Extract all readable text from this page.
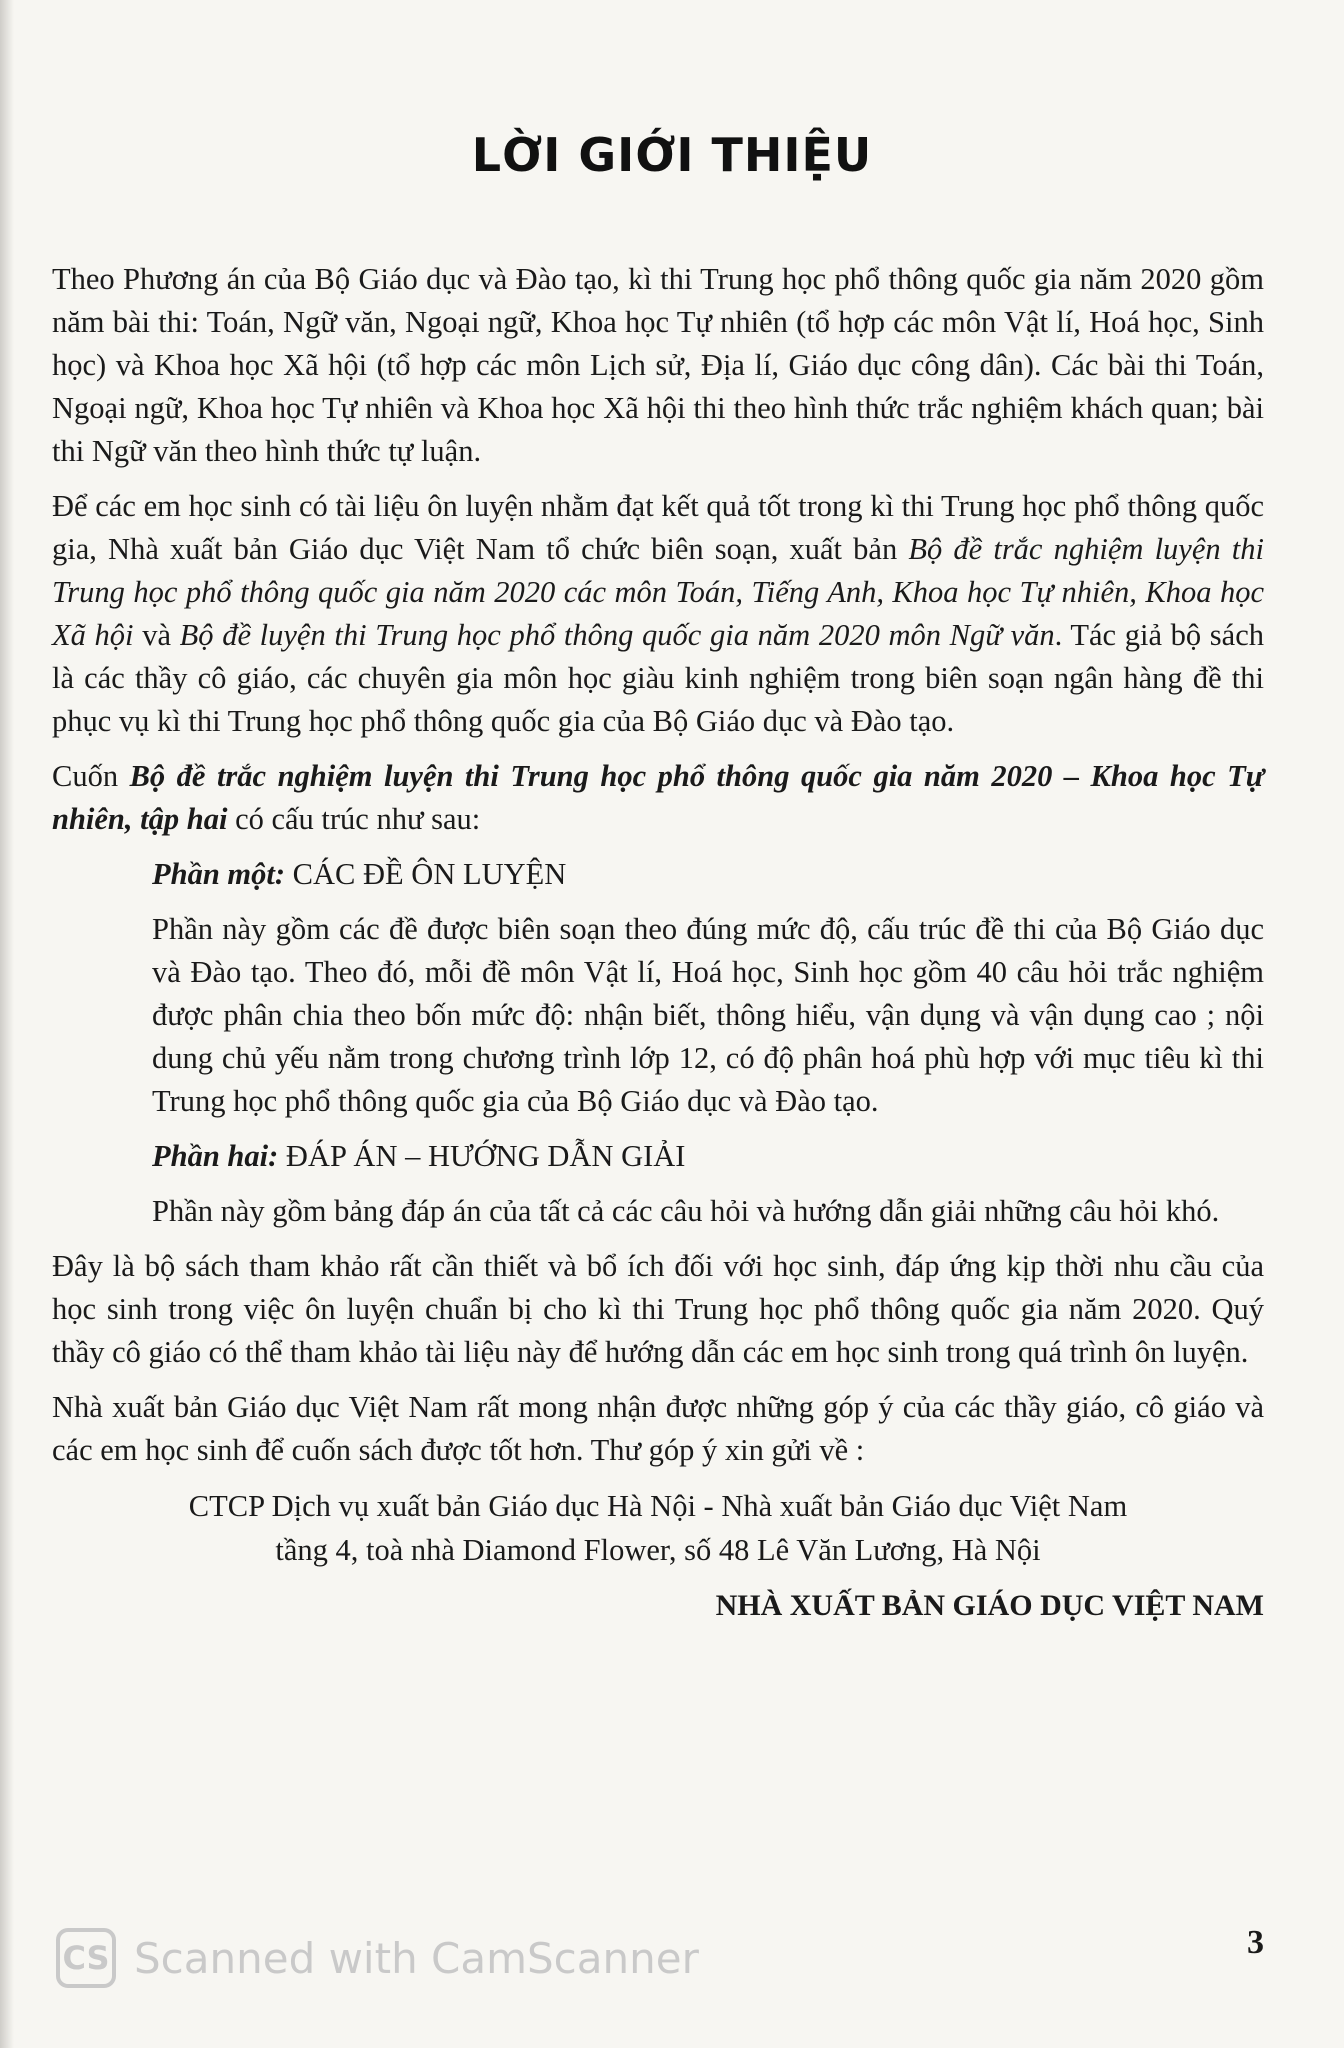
LỜI GIỚI THIỆU

Theo Phương án của Bộ Giáo dục và Đào tạo, kì thi Trung học phổ thông quốc gia năm 2020 gồm năm bài thi: Toán, Ngữ văn, Ngoại ngữ, Khoa học Tự nhiên (tổ hợp các môn Vật lí, Hoá học, Sinh học) và Khoa học Xã hội (tổ hợp các môn Lịch sử, Địa lí, Giáo dục công dân). Các bài thi Toán, Ngoại ngữ, Khoa học Tự nhiên và Khoa học Xã hội thi theo hình thức trắc nghiệm khách quan; bài thi Ngữ văn theo hình thức tự luận.

Để các em học sinh có tài liệu ôn luyện nhằm đạt kết quả tốt trong kì thi Trung học phổ thông quốc gia, Nhà xuất bản Giáo dục Việt Nam tổ chức biên soạn, xuất bản Bộ đề trắc nghiệm luyện thi Trung học phổ thông quốc gia năm 2020 các môn Toán, Tiếng Anh, Khoa học Tự nhiên, Khoa học Xã hội và Bộ đề luyện thi Trung học phổ thông quốc gia năm 2020 môn Ngữ văn. Tác giả bộ sách là các thầy cô giáo, các chuyên gia môn học giàu kinh nghiệm trong biên soạn ngân hàng đề thi phục vụ kì thi Trung học phổ thông quốc gia của Bộ Giáo dục và Đào tạo.

Cuốn Bộ đề trắc nghiệm luyện thi Trung học phổ thông quốc gia năm 2020 – Khoa học Tự nhiên, tập hai có cấu trúc như sau:

Phần một: CÁC ĐỀ ÔN LUYỆN

Phần này gồm các đề được biên soạn theo đúng mức độ, cấu trúc đề thi của Bộ Giáo dục và Đào tạo. Theo đó, mỗi đề môn Vật lí, Hoá học, Sinh học gồm 40 câu hỏi trắc nghiệm được phân chia theo bốn mức độ: nhận biết, thông hiểu, vận dụng và vận dụng cao ; nội dung chủ yếu nằm trong chương trình lớp 12, có độ phân hoá phù hợp với mục tiêu kì thi Trung học phổ thông quốc gia của Bộ Giáo dục và Đào tạo.

Phần hai: ĐÁP ÁN – HƯỚNG DẪN GIẢI

Phần này gồm bảng đáp án của tất cả các câu hỏi và hướng dẫn giải những câu hỏi khó.

Đây là bộ sách tham khảo rất cần thiết và bổ ích đối với học sinh, đáp ứng kịp thời nhu cầu của học sinh trong việc ôn luyện chuẩn bị cho kì thi Trung học phổ thông quốc gia năm 2020. Quý thầy cô giáo có thể tham khảo tài liệu này để hướng dẫn các em học sinh trong quá trình ôn luyện.

Nhà xuất bản Giáo dục Việt Nam rất mong nhận được những góp ý của các thầy giáo, cô giáo và các em học sinh để cuốn sách được tốt hơn. Thư góp ý xin gửi về :

CTCP Dịch vụ xuất bản Giáo dục Hà Nội - Nhà xuất bản Giáo dục Việt Nam
tầng 4, toà nhà Diamond Flower, số 48 Lê Văn Lương, Hà Nội
NHÀ XUẤT BẢN GIÁO DỤC VIỆT NAM
CS Scanned with CamScanner	3
